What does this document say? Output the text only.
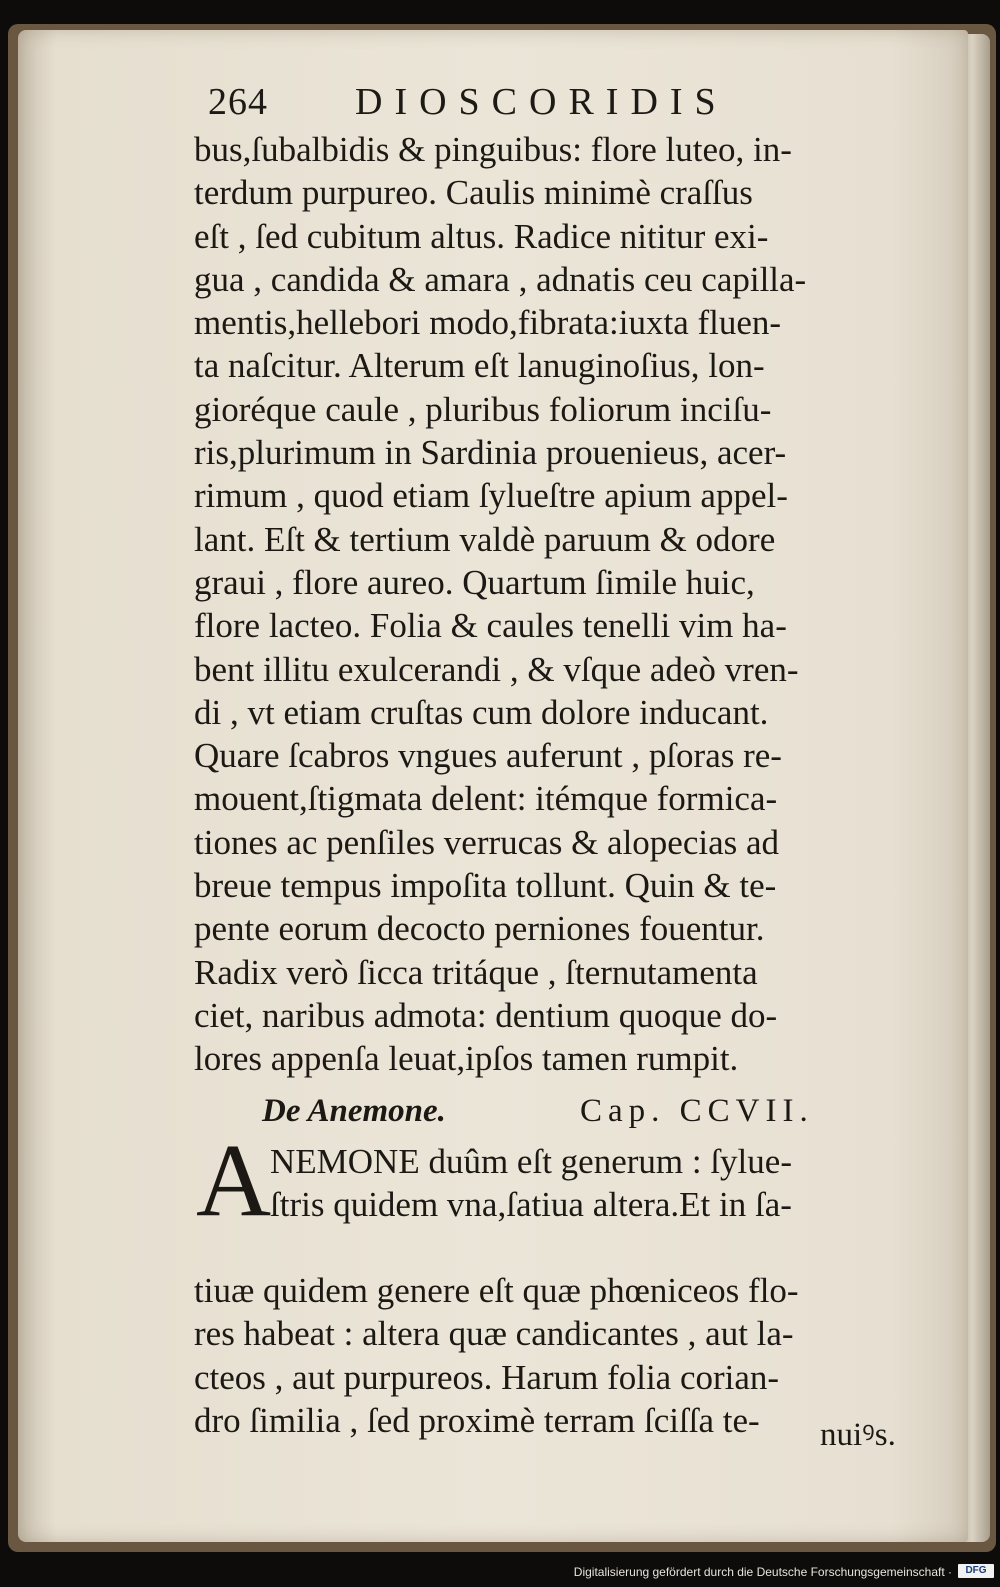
264 DIOSCORIDIS
bus,ſubalbidis & pinguibus: flore luteo, in-
terdum purpureo. Caulis minimè craſſus
eſt , ſed cubitum altus. Radice nititur exi-
gua , candida & amara , adnatis ceu capilla-
mentis,hellebori modo,fibrata:iuxta fluen-
ta naſcitur. Alterum eſt lanuginoſius, lon-
gioréque caule , pluribus foliorum inciſu-
ris,plurimum in Sardinia prouenieus, acer-
rimum , quod etiam ſylueſtre apium appel-
lant. Eſt & tertium valdè paruum & odore
graui , flore aureo. Quartum ſimile huic,
flore lacteo. Folia & caules tenelli vim ha-
bent illitu exulcerandi , & vſque adeò vren-
di , vt etiam cruſtas cum dolore inducant.
Quare ſcabros vngues auferunt , pſoras re-
mouent,ſtigmata delent: itémque formica-
tiones ac penſiles verrucas & alopecias ad
breue tempus impoſita tollunt. Quin & te-
pente eorum decocto perniones fouentur.
Radix verò ſicca tritáque , ſternutamenta
ciet, naribus admota: dentium quoque do-
lores appenſa leuat,ipſos tamen rumpit.
De Anemone.	Cap. CCVII.
A
NEMONE duûm eſt generum : ſylue-
ſtris quidem vna,ſatiua altera.Et in ſa-
tiuæ quidem genere eſt quæ phœniceos flo-
res habeat : altera quæ candicantes , aut la-
cteos , aut purpureos. Harum folia corian-
dro ſimilia , ſed proximè terram ſciſſa te-	nuiꝰs.
Digitalisierung gefördert durch die Deutsche Forschungsgemeinschaft ·	DFG
